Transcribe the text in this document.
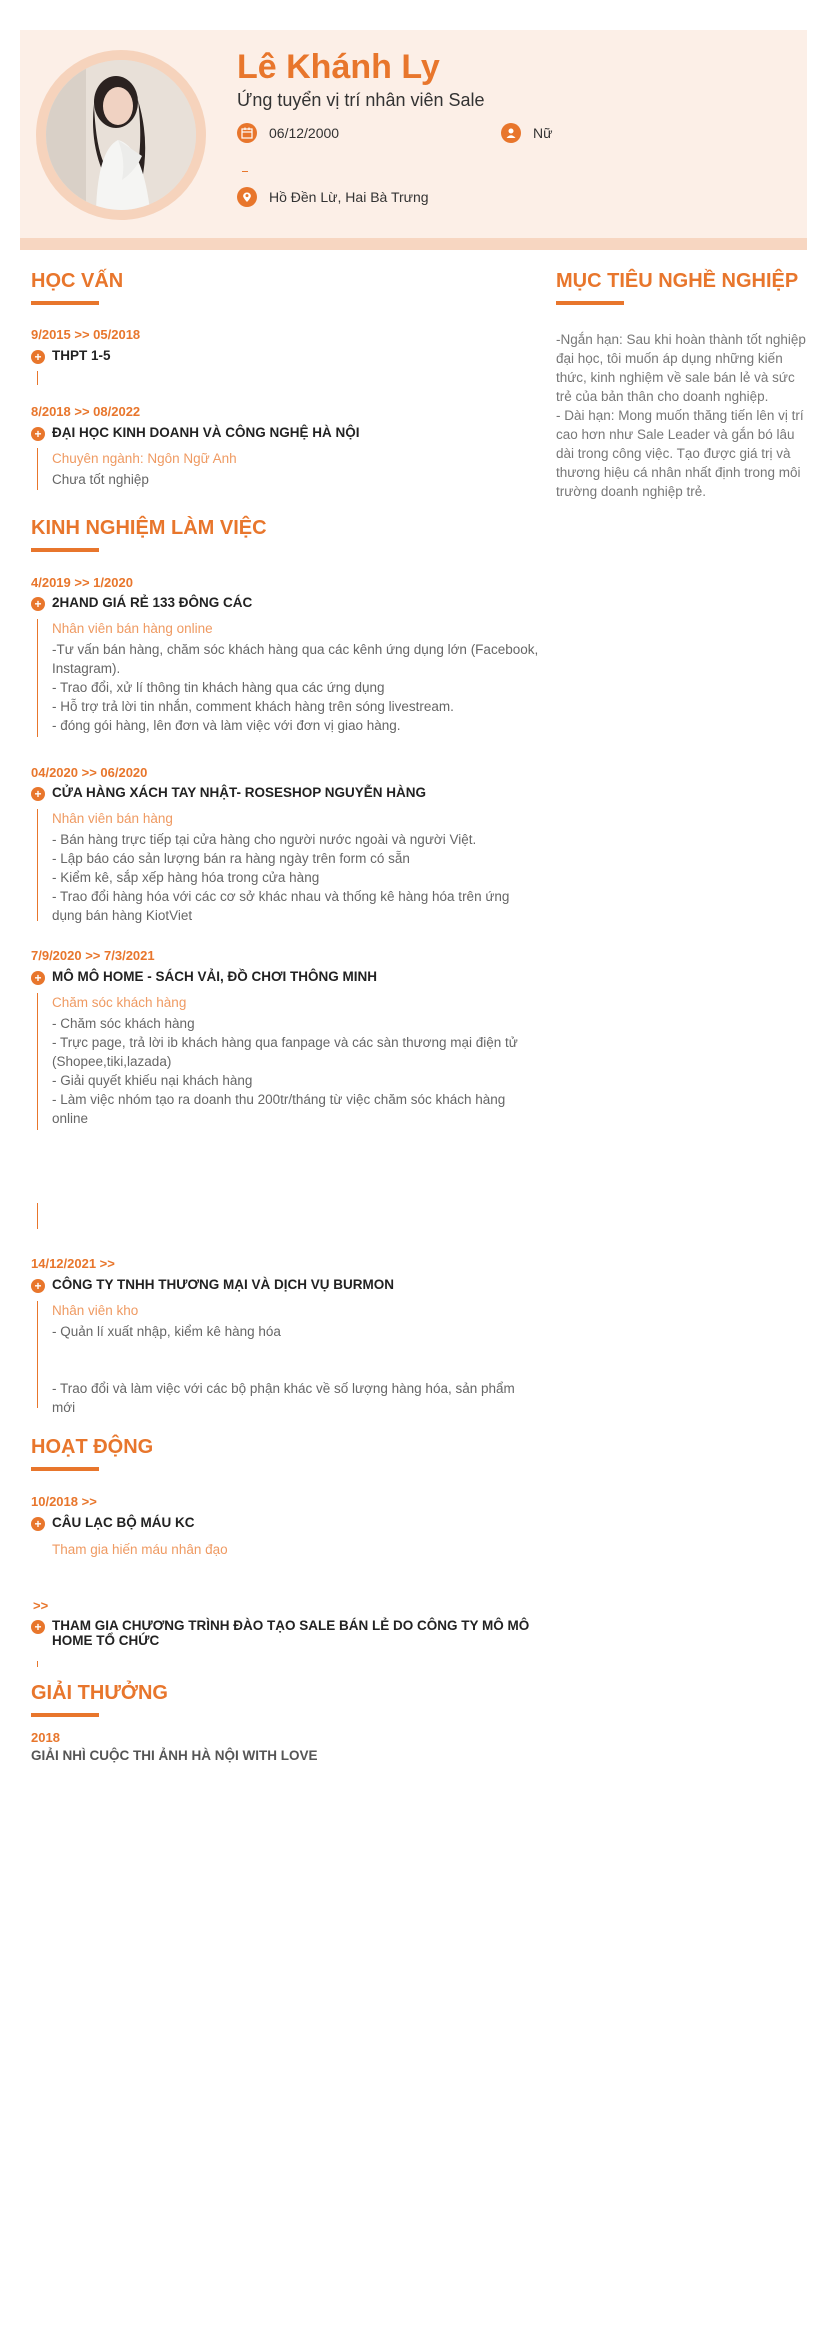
Lê Khánh Ly
Ứng tuyển vị trí nhân viên Sale
06/12/2000	Nữ
Hồ Đền Lừ, Hai Bà Trưng
HỌC VẤN
9/2015 >> 05/2018
+ THPT 1-5
8/2018 >> 08/2022
+ ĐẠI HỌC KINH DOANH VÀ CÔNG NGHỆ HÀ NỘI
Chuyên ngành: Ngôn Ngữ Anh
Chưa tốt nghiệp
KINH NGHIỆM LÀM VIỆC
4/2019 >> 1/2020
+ 2HAND GIÁ RẺ 133 ĐÔNG CÁC
Nhân viên bán hàng online
-Tư vấn bán hàng, chăm sóc khách hàng qua các kênh ứng dụng lớn (Facebook, Instagram).
- Trao đổi, xử lí thông tin khách hàng qua các ứng dụng
- Hỗ trợ trả lời tin nhắn, comment khách hàng trên sóng livestream.
- đóng gói hàng, lên đơn và làm việc với đơn vị giao hàng.
04/2020 >> 06/2020
+ CỬA HÀNG XÁCH TAY NHẬT- ROSESHOP NGUYỄN HÀNG
Nhân viên bán hàng
- Bán hàng trực tiếp tại cửa hàng cho người nước ngoài và người Việt.
- Lập báo cáo sản lượng bán ra hàng ngày trên form có sẵn
- Kiểm kê, sắp xếp hàng hóa trong cửa hàng
- Trao đổi hàng hóa với các cơ sở khác nhau và thống kê hàng hóa trên ứng dụng bán hàng KiotViet
7/9/2020 >> 7/3/2021
+ MÔ MÔ HOME - SÁCH VẢI, ĐỒ CHƠI THÔNG MINH
Chăm sóc khách hàng
- Chăm sóc khách hàng
- Trực page, trả lời ib khách hàng qua fanpage và các sàn thương mại điện tử (Shopee,tiki,lazada)
- Giải quyết khiếu nại khách hàng
- Làm việc nhóm tạo ra doanh thu 200tr/tháng từ việc chăm sóc khách hàng online
14/12/2021 >>
+ CÔNG TY TNHH THƯƠNG MẠI VÀ DỊCH VỤ BURMON
Nhân viên kho
- Quản lí xuất nhập, kiểm kê hàng hóa
- Trao đổi và làm việc với các bộ phận khác về số lượng hàng hóa, sản phẩm mới
HOẠT ĐỘNG
10/2018 >>
+ CÂU LẠC BỘ MÁU KC
Tham gia hiến máu nhân đạo
>>
+ THAM GIA CHƯƠNG TRÌNH ĐÀO TẠO SALE BÁN LẺ DO CÔNG TY MÔ MÔ HOME TỔ CHỨC
GIẢI THƯỞNG
2018
GIẢI NHÌ CUỘC THI ẢNH HÀ NỘI WITH LOVE
MỤC TIÊU NGHỀ NGHIỆP
-Ngắn hạn: Sau khi hoàn thành tốt nghiệp đại học, tôi muốn áp dụng những kiến thức, kinh nghiệm về sale bán lẻ và sức trẻ của bản thân cho doanh nghiệp.
- Dài hạn: Mong muốn thăng tiến lên vị trí cao hơn như Sale Leader và gắn bó lâu dài trong công việc. Tạo được giá trị và thương hiệu cá nhân nhất định trong môi trường doanh nghiệp trẻ.
